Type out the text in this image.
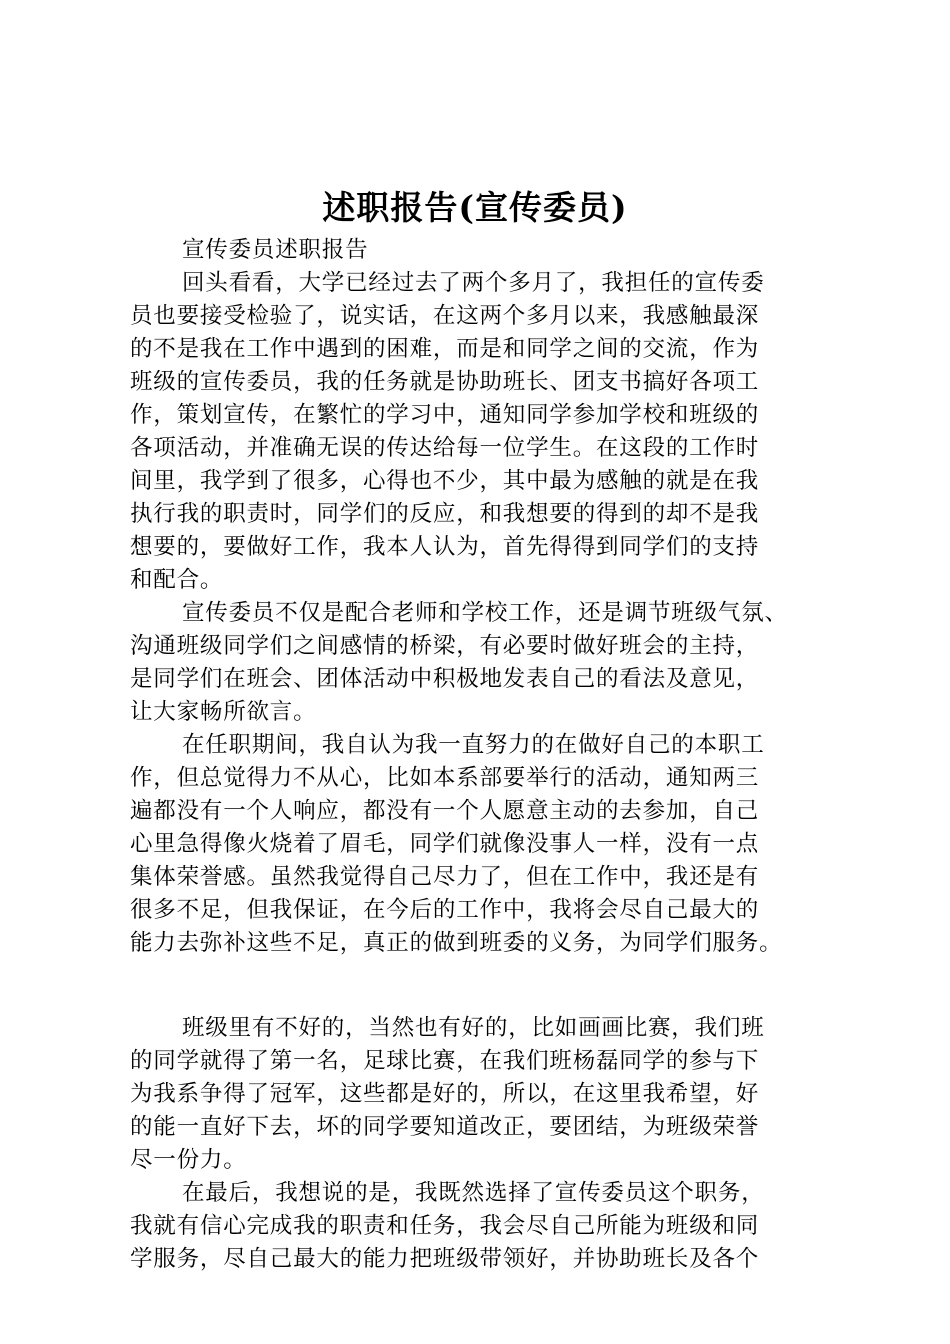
述职报告(宣传委员)
宣传委员述职报告
回头看看，大学已经过去了两个多月了，我担任的宣传委
员也要接受检验了，说实话，在这两个多月以来，我感触最深
的不是我在工作中遇到的困难，而是和同学之间的交流，作为
班级的宣传委员，我的任务就是协助班长、团支书搞好各项工
作，策划宣传，在繁忙的学习中，通知同学参加学校和班级的
各项活动，并准确无误的传达给每一位学生。在这段的工作时
间里，我学到了很多，心得也不少，其中最为感触的就是在我
执行我的职责时，同学们的反应，和我想要的得到的却不是我
想要的，要做好工作，我本人认为，首先得得到同学们的支持
和配合。
宣传委员不仅是配合老师和学校工作，还是调节班级气氛、
沟通班级同学们之间感情的桥梁，有必要时做好班会的主持，
是同学们在班会、团体活动中积极地发表自己的看法及意见，
让大家畅所欲言。
在任职期间，我自认为我一直努力的在做好自己的本职工
作，但总觉得力不从心，比如本系部要举行的活动，通知两三
遍都没有一个人响应，都没有一个人愿意主动的去参加，自己
心里急得像火烧着了眉毛，同学们就像没事人一样，没有一点
集体荣誉感。虽然我觉得自己尽力了，但在工作中，我还是有
很多不足，但我保证，在今后的工作中，我将会尽自己最大的
能力去弥补这些不足，真正的做到班委的义务，为同学们服务。
班级里有不好的，当然也有好的，比如画画比赛，我们班
的同学就得了第一名，足球比赛，在我们班杨磊同学的参与下
为我系争得了冠军，这些都是好的，所以，在这里我希望，好
的能一直好下去，坏的同学要知道改正，要团结，为班级荣誉
尽一份力。
在最后，我想说的是，我既然选择了宣传委员这个职务，
我就有信心完成我的职责和任务，我会尽自己所能为班级和同
学服务，尽自己最大的能力把班级带领好，并协助班长及各个
